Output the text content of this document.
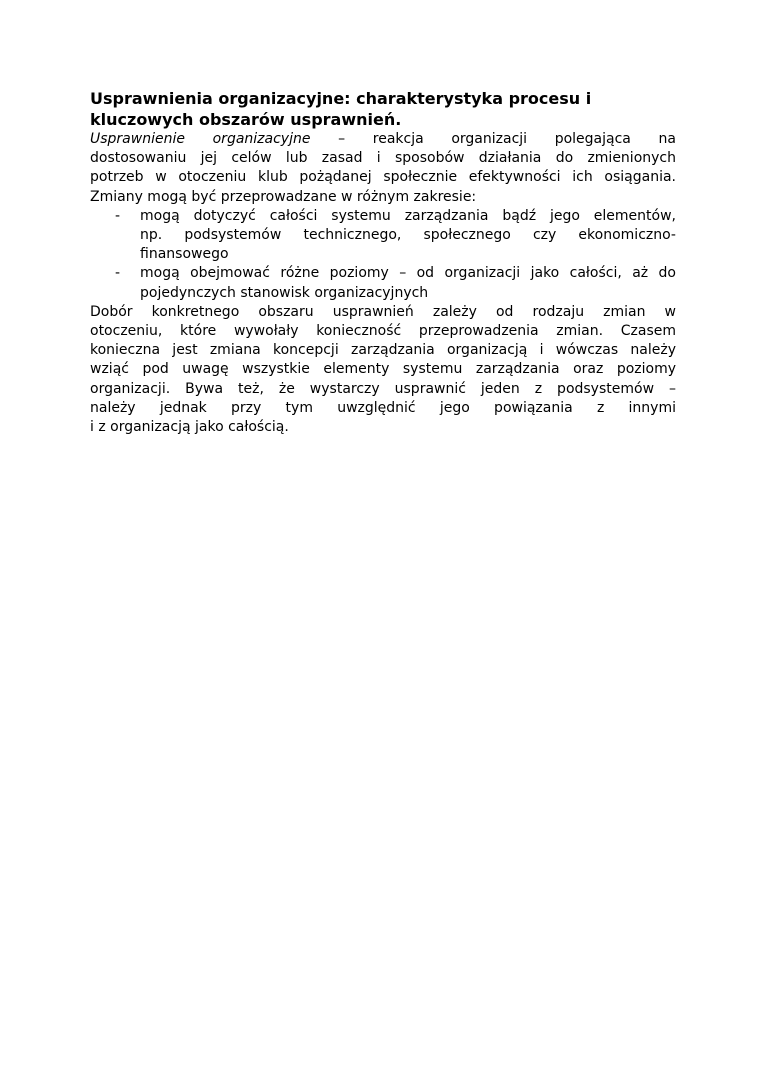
Usprawnienia organizacyjne: charakterystyka procesu i
kluczowych obszarów usprawnień.
Usprawnienie organizacyjne – reakcja organizacji polegająca na
dostosowaniu jej celów lub zasad i sposobów działania do zmienionych
potrzeb w otoczeniu klub pożądanej społecznie efektywności ich osiągania.
Zmiany mogą być przeprowadzane w różnym zakresie:
- mogą dotyczyć całości systemu zarządzania bądź jego elementów,
np. podsystemów technicznego, społecznego czy ekonomiczno-
finansowego
- mogą obejmować różne poziomy – od organizacji jako całości, aż do
pojedynczych stanowisk organizacyjnych
Dobór konkretnego obszaru usprawnień zależy od rodzaju zmian w
otoczeniu, które wywołały konieczność przeprowadzenia zmian. Czasem
konieczna jest zmiana koncepcji zarządzania organizacją i wówczas należy
wziąć pod uwagę wszystkie elementy systemu zarządzania oraz poziomy
organizacji. Bywa też, że wystarczy usprawnić jeden z podsystemów –
należy jednak przy tym uwzględnić jego powiązania z innymi
i z organizacją jako całością.
